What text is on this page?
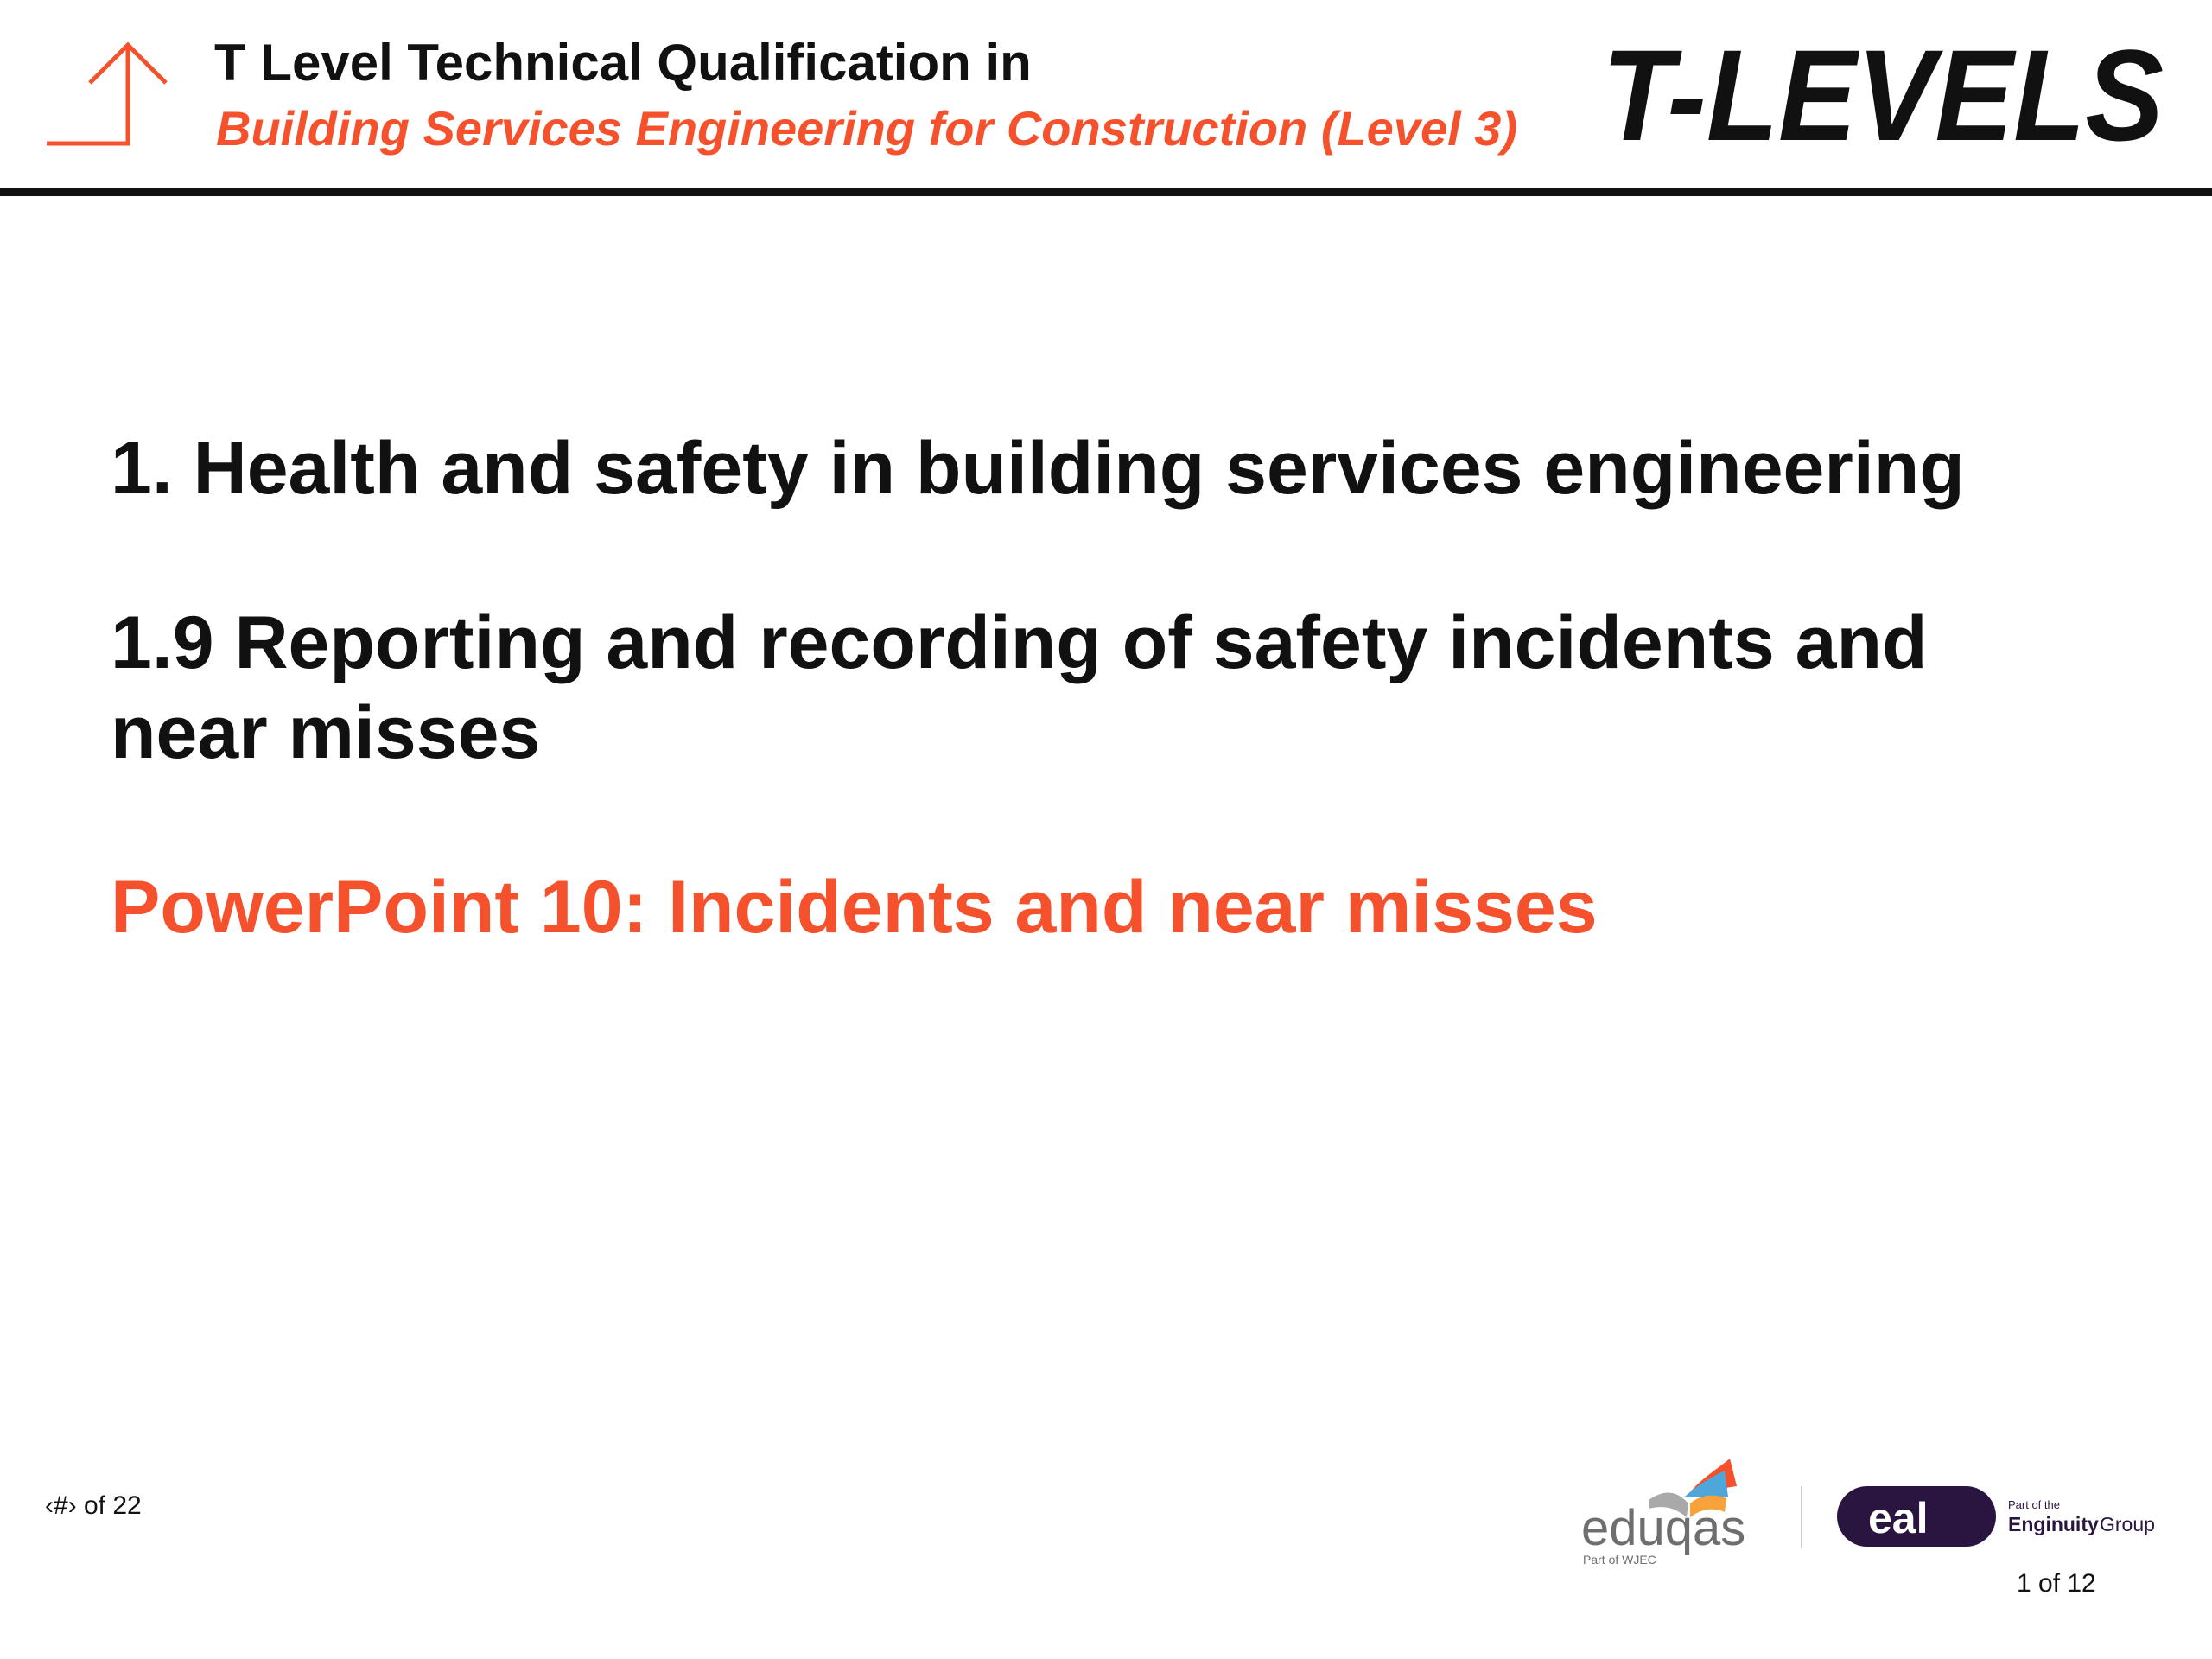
T Level Technical Qualification in
Building Services Engineering for Construction (Level 3) T-LEVELS

1. Health and safety in building services engineering

1.9 Reporting and recording of safety incidents and near misses

PowerPoint 10: Incidents and near misses

‹#› of 22	eduqas
Part of WJEC
eal	Part of the
Enginuity Group
1 of 12
